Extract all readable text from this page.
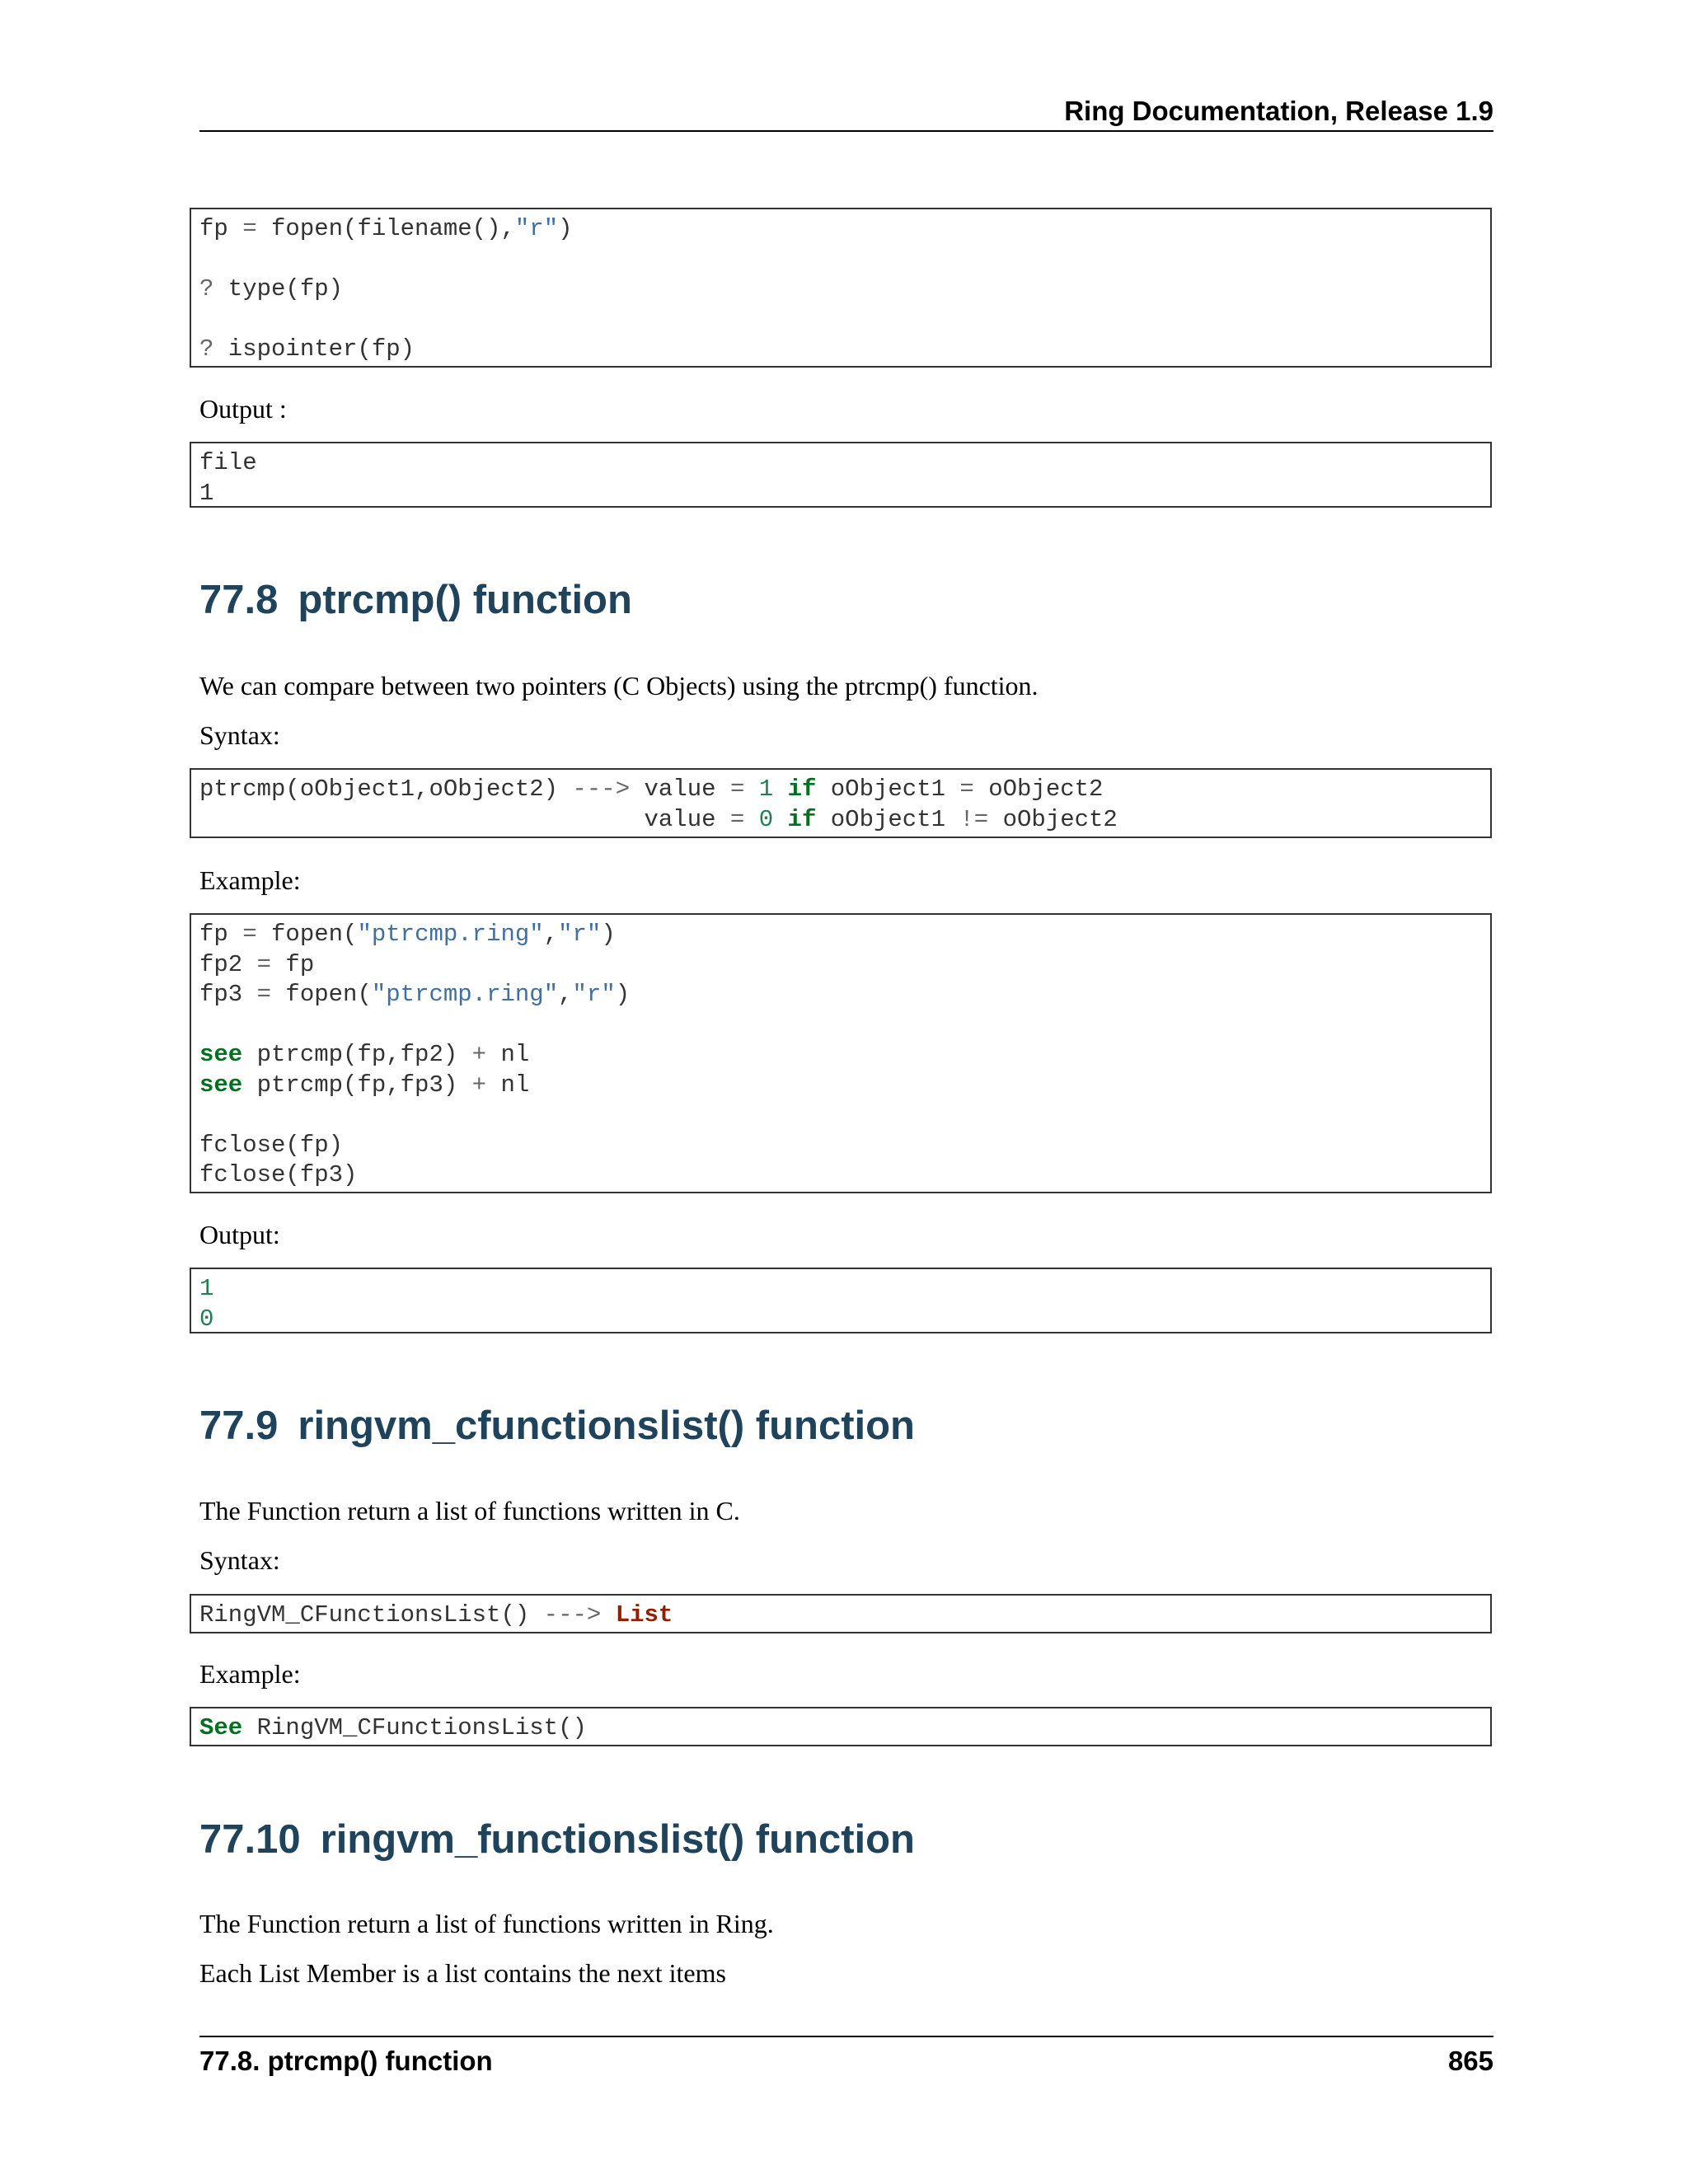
Ring Documentation, Release 1.9
fp = fopen(filename(),"r")
? type(fp)
? ispointer(fp)
Output :
file
1
77.8 ptrcmp() function
We can compare between two pointers (C Objects) using the ptrcmp() function.
Syntax:
ptrcmp(oObject1,oObject2) ---> value = 1 if oObject1 = oObject2
value = 0 if oObject1 != oObject2
Example:
fp = fopen("ptrcmp.ring","r")
fp2 = fp
fp3 = fopen("ptrcmp.ring","r")
see ptrcmp(fp,fp2) + nl
see ptrcmp(fp,fp3) + nl
fclose(fp)
fclose(fp3)
Output:
1
0
77.9 ringvm_cfunctionslist() function
The Function return a list of functions written in C.
Syntax:
RingVM_CFunctionsList() ---> List
Example:
See RingVM_CFunctionsList()
77.10 ringvm_functionslist() function
The Function return a list of functions written in Ring.
Each List Member is a list contains the next items
77.8. ptrcmp() function	865
